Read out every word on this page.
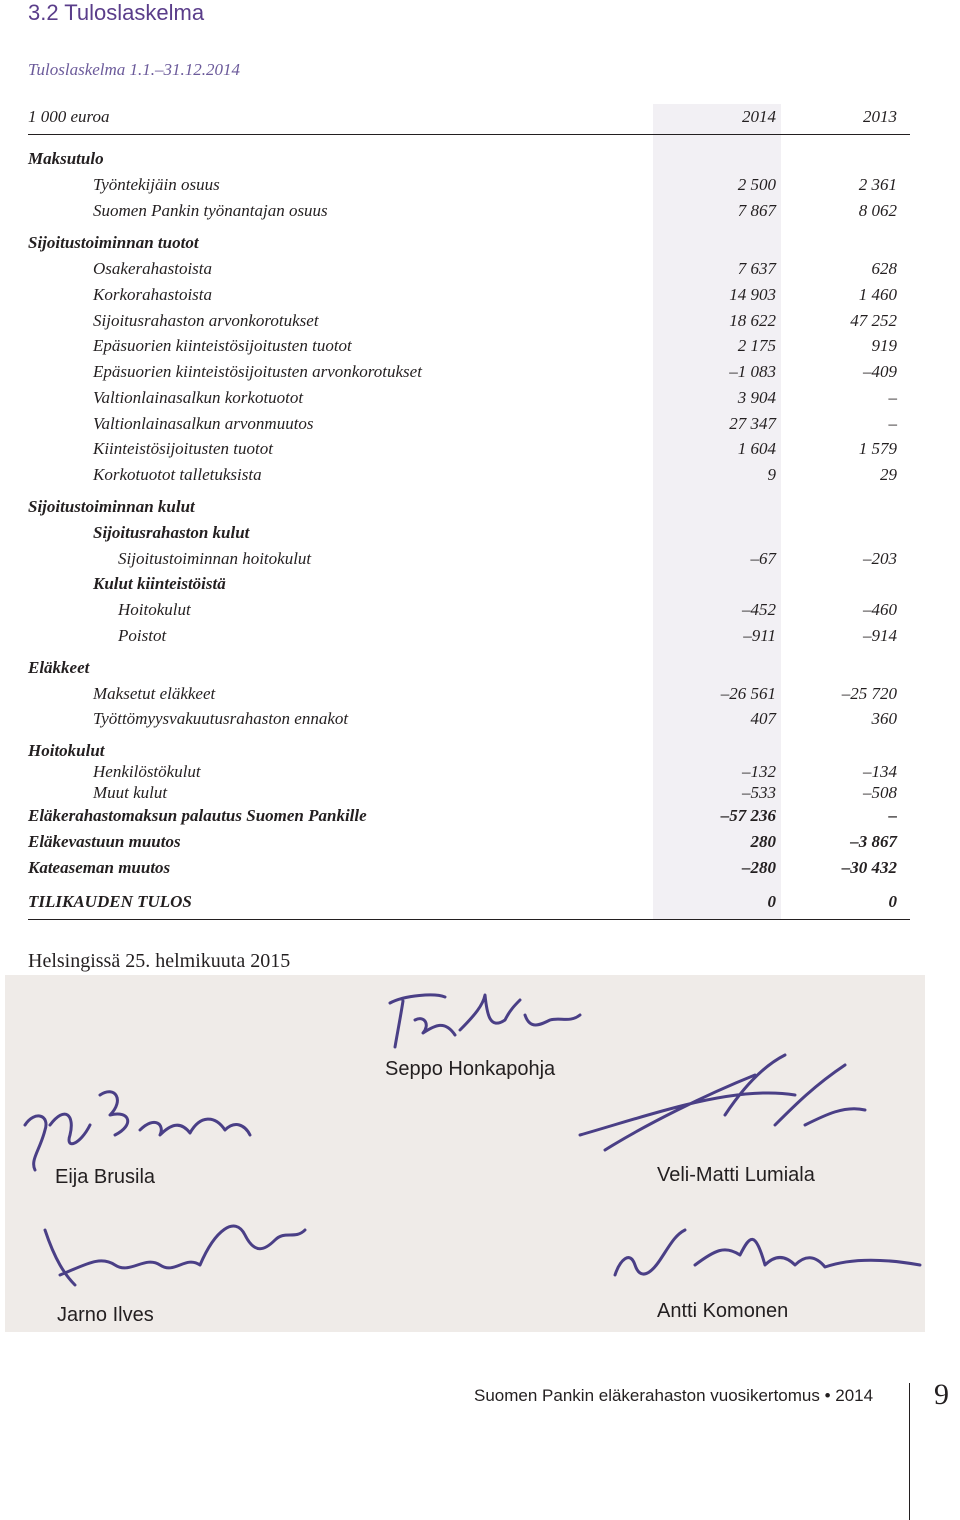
3.2 Tuloslaskelma
Tuloslaskelma 1.1.–31.12.2014
1 000 euroa	2014	2013
Maksutulo
Työntekijäin osuus	2 500	2 361
Suomen Pankin työnantajan osuus	7 867	8 062
Sijoitustoiminnan tuotot
Osakerahastoista	7 637	628
Korkorahastoista	14 903	1 460
Sijoitusrahaston arvonkorotukset	18 622	47 252
Epäsuorien kiinteistösijoitusten tuotot	2 175	919
Epäsuorien kiinteistösijoitusten arvonkorotukset	–1 083	–409
Valtionlainasalkun korkotuotot	3 904	–
Valtionlainasalkun arvonmuutos	27 347	–
Kiinteistösijoitusten tuotot	1 604	1 579
Korkotuotot talletuksista	9	29
Sijoitustoiminnan kulut
Sijoitusrahaston kulut
Sijoitustoiminnan hoitokulut	–67	–203
Kulut kiinteistöistä
Hoitokulut	–452	–460
Poistot	–911	–914
Eläkkeet
Maksetut eläkkeet	–26 561	–25 720
Työttömyysvakuutusrahaston ennakot	407	360
Hoitokulut
Henkilöstökulut	–132	–134
Muut kulut	–533	–508
Eläkerahastomaksun palautus Suomen Pankille	–57 236	–
Eläkevastuun muutos	280	–3 867
Kateaseman muutos	–280	–30 432
TILIKAUDEN TULOS	0	0
Helsingissä 25. helmikuuta 2015
Seppo Honkapohja
Eija Brusila	Veli-Matti Lumiala
Jarno Ilves	Antti Komonen
Suomen Pankin eläkerahaston vuosikertomus • 2014 9
